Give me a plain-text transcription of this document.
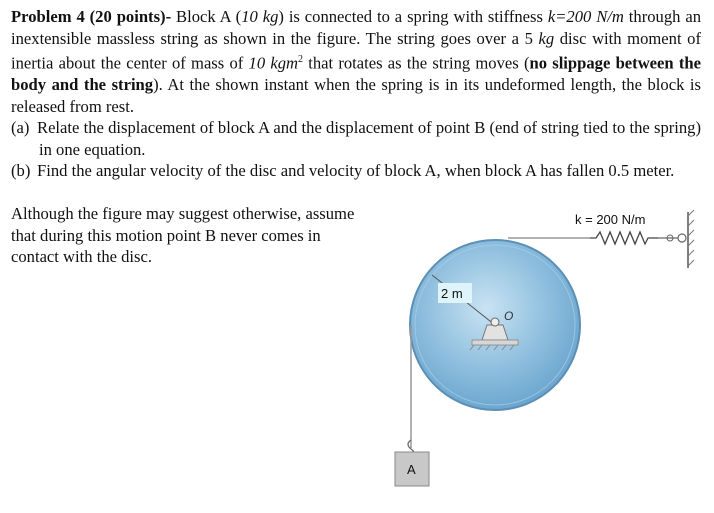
Problem 4 (20 points)- Block A (10 kg) is connected to a spring with stiffness k=200 N/m through an inextensible massless string as shown in the figure. The string goes over a 5 kg disc with moment of inertia about the center of mass of 10 kgm$^2$ that rotates as the string moves (no slippage between the body and the string). At the shown instant when the spring is in its undeformed length, the block is released from rest.

(a) Relate the displacement of block A and the displacement of point B (end of string tied to the spring) in one equation.

(b) Find the angular velocity of the disc and velocity of block A, when block A has fallen 0.5 meter.

Although the figure may suggest otherwise, assume that during this motion point B never comes in contact with the disc.
k = 200 N/m
2 m
O
A
